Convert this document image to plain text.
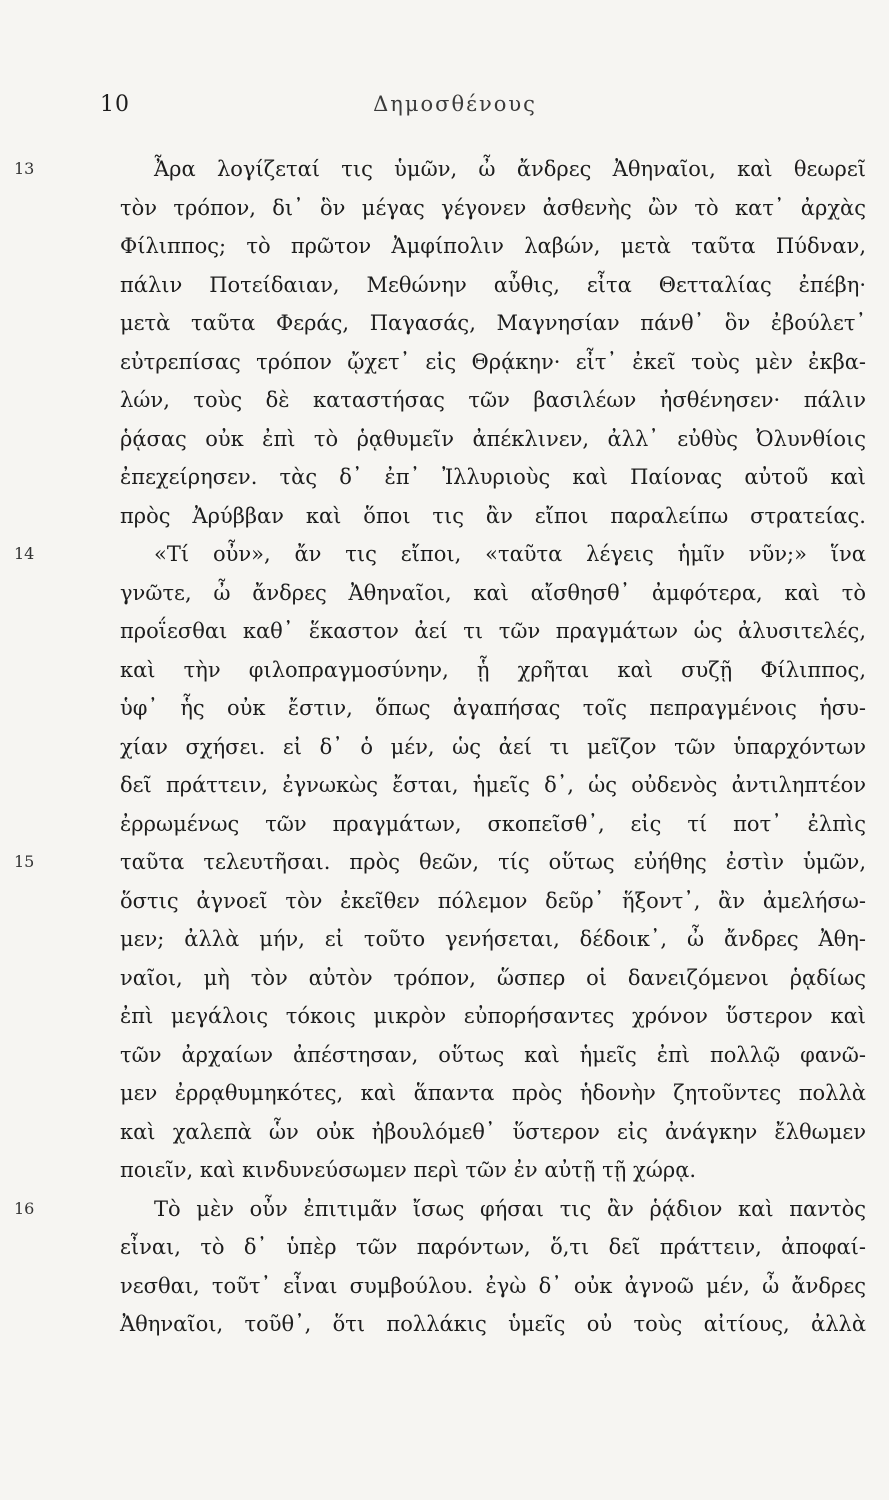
10	Δημοσθένους
13	Ἆρα λογίζεταί τις ὑμῶν, ὦ ἄνδρες Ἀθηναῖοι, καὶ θεωρεῖ
τὸν τρόπον, δι᾽ ὃν μέγας γέγονεν ἀσθενὴς ὢν τὸ κατ᾽ ἀρχὰς
Φίλιππος; τὸ πρῶτον Ἀμφίπολιν λαβών, μετὰ ταῦτα Πύδναν,
πάλιν Ποτείδαιαν, Μεθώνην αὖθις, εἶτα Θετταλίας ἐπέβη·
μετὰ ταῦτα Φεράς, Παγασάς, Μαγνησίαν πάνθ᾽ ὃν ἐβούλετ᾽
εὐτρεπίσας τρόπον ᾤχετ᾽ εἰς Θρᾴκην· εἶτ᾽ ἐκεῖ τοὺς μὲν ἐκβα-
λών, τοὺς δὲ καταστήσας τῶν βασιλέων ἠσθένησεν· πάλιν
ῥᾴσας οὐκ ἐπὶ τὸ ῥᾳθυμεῖν ἀπέκλινεν, ἀλλ᾽ εὐθὺς Ὀλυνθίοις
ἐπεχείρησεν. τὰς δ᾽ ἐπ᾽ Ἰλλυριοὺς καὶ Παίονας αὐτοῦ καὶ
πρὸς Ἀρύββαν καὶ ὅποι τις ἂν εἴποι παραλείπω στρατείας.
14	«Τί οὖν», ἄν τις εἴποι, «ταῦτα λέγεις ἡμῖν νῦν;» ἵνα
γνῶτε, ὦ ἄνδρες Ἀθηναῖοι, καὶ αἴσθησθ᾽ ἀμφότερα, καὶ τὸ
προΐεσθαι καθ᾽ ἕκαστον ἀεί τι τῶν πραγμάτων ὡς ἀλυσιτελές,
καὶ τὴν φιλοπραγμοσύνην, ᾗ χρῆται καὶ συζῇ Φίλιππος,
ὑφ᾽ ἧς οὐκ ἔστιν, ὅπως ἀγαπήσας τοῖς πεπραγμένοις ἡσυ-
χίαν σχήσει. εἰ δ᾽ ὁ μέν, ὡς ἀεί τι μεῖζον τῶν ὑπαρχόντων
δεῖ πράττειν, ἐγνωκὼς ἔσται, ἡμεῖς δ᾽, ὡς οὐδενὸς ἀντιληπτέον
ἐρρωμένως τῶν πραγμάτων, σκοπεῖσθ᾽, εἰς τί ποτ᾽ ἐλπὶς
15	ταῦτα τελευτῆσαι. πρὸς θεῶν, τίς οὕτως εὐήθης ἐστὶν ὑμῶν,
ὅστις ἀγνοεῖ τὸν ἐκεῖθεν πόλεμον δεῦρ᾽ ἥξοντ᾽, ἂν ἀμελήσω-
μεν; ἀλλὰ μήν, εἰ τοῦτο γενήσεται, δέδοικ᾽, ὦ ἄνδρες Ἀθη-
ναῖοι, μὴ τὸν αὐτὸν τρόπον, ὥσπερ οἱ δανειζόμενοι ῥᾳδίως
ἐπὶ μεγάλοις τόκοις μικρὸν εὐπορήσαντες χρόνον ὕστερον καὶ
τῶν ἀρχαίων ἀπέστησαν, οὕτως καὶ ἡμεῖς ἐπὶ πολλῷ φανῶ-
μεν ἐρρᾳθυμηκότες, καὶ ἅπαντα πρὸς ἡδονὴν ζητοῦντες πολλὰ
καὶ χαλεπὰ ὧν οὐκ ἠβουλόμεθ᾽ ὕστερον εἰς ἀνάγκην ἔλθωμεν
ποιεῖν, καὶ κινδυνεύσωμεν περὶ τῶν ἐν αὐτῇ τῇ χώρᾳ.
16	Τὸ μὲν οὖν ἐπιτιμᾶν ἴσως φήσαι τις ἂν ῥᾴδιον καὶ παντὸς
εἶναι, τὸ δ᾽ ὑπὲρ τῶν παρόντων, ὅ,τι δεῖ πράττειν, ἀποφαί-
νεσθαι, τοῦτ᾽ εἶναι συμβούλου. ἐγὼ δ᾽ οὐκ ἀγνοῶ μέν, ὦ ἄνδρες
Ἀθηναῖοι, τοῦθ᾽, ὅτι πολλάκις ὑμεῖς οὐ τοὺς αἰτίους, ἀλλὰ
